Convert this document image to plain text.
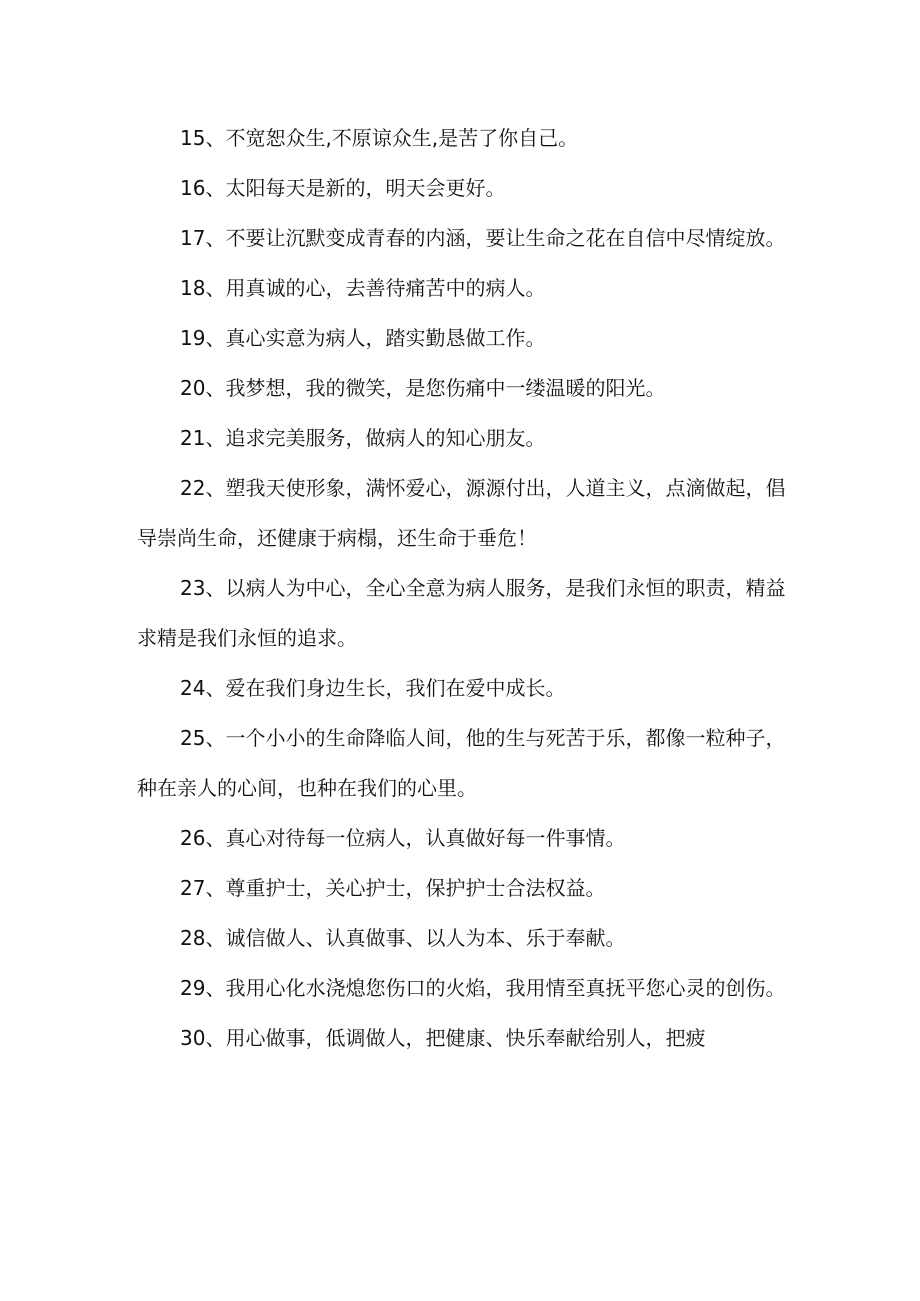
15、不宽恕众生,不原谅众生,是苦了你自己。

16、太阳每天是新的，明天会更好。

17、不要让沉默变成青春的内涵，要让生命之花在自信中尽情绽放。

18、用真诚的心，去善待痛苦中的病人。

19、真心实意为病人，踏实勤恳做工作。

20、我梦想，我的微笑，是您伤痛中一缕温暖的阳光。

21、追求完美服务，做病人的知心朋友。

22、塑我天使形象，满怀爱心，源源付出，人道主义，点滴做起，倡导崇尚生命，还健康于病榻，还生命于垂危！

23、以病人为中心，全心全意为病人服务，是我们永恒的职责，精益求精是我们永恒的追求。

24、爱在我们身边生长，我们在爱中成长。

25、一个小小的生命降临人间，他的生与死苦于乐，都像一粒种子，种在亲人的心间，也种在我们的心里。

26、真心对待每一位病人，认真做好每一件事情。

27、尊重护士，关心护士，保护护士合法权益。

28、诚信做人、认真做事、以人为本、乐于奉献。

29、我用心化水浇熄您伤口的火焰，我用情至真抚平您心灵的创伤。

30、用心做事，低调做人，把健康、快乐奉献给别人，把疲
